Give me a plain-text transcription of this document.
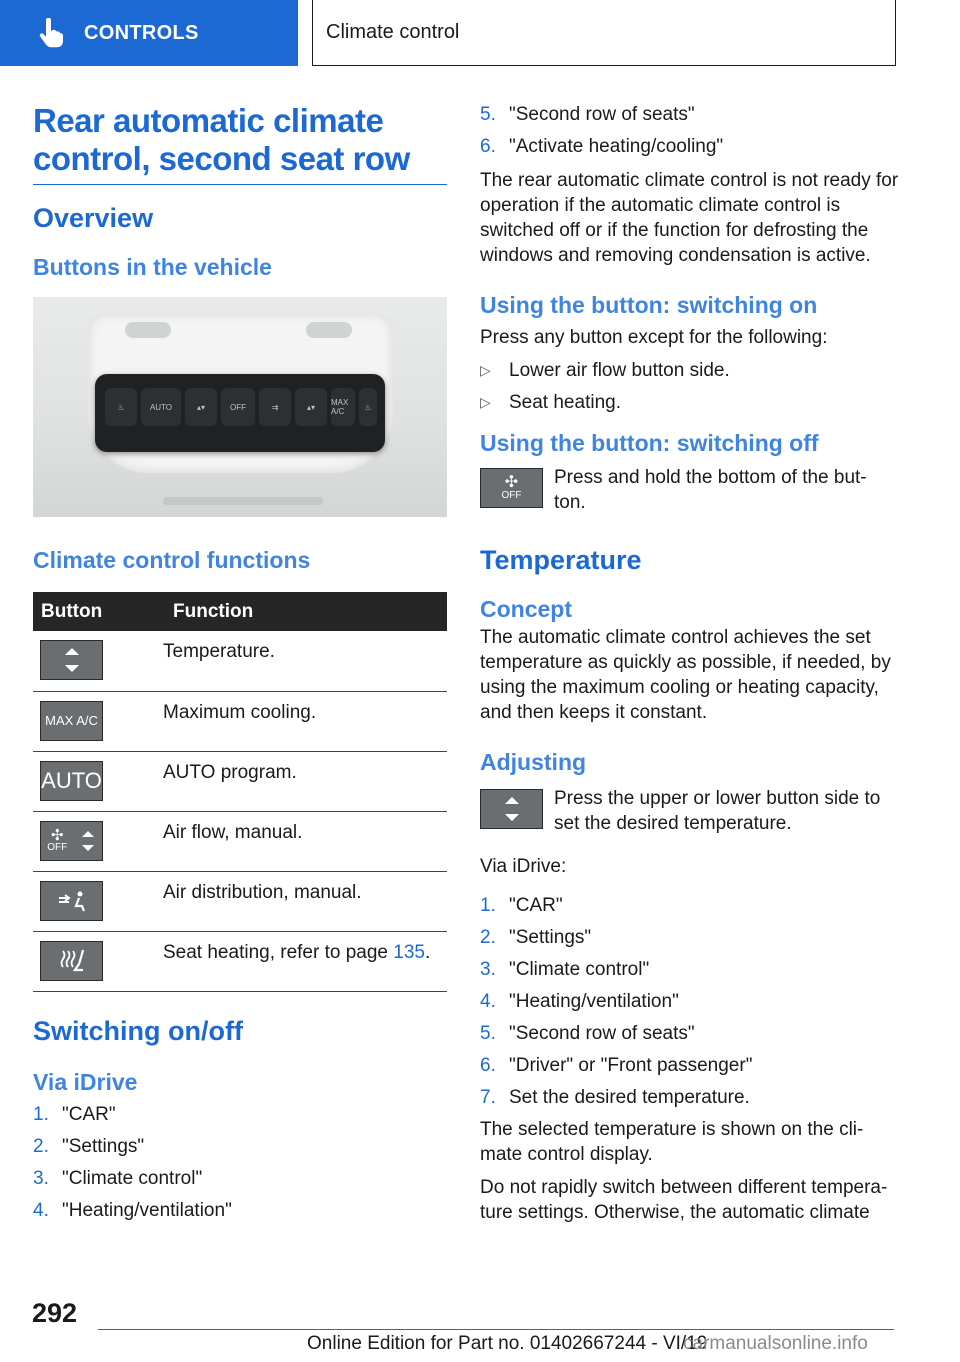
CONTROLS	Climate control
Rear automatic climate control, second seat row
Overview
Buttons in the vehicle
♨	AUTO	▴▾	OFF	⇉	▴▾	MAX A/C	♨
Climate control functions
Button	Function

	Temperature.

MAX A/C	Maximum cooling.

AUTO	AUTO program.

✣
OFF	Air flow, manual.

	Air distribution, manual.

	Seat heating, refer to page 135.
Switching on/off
Via iDrive
1. "CAR"
2. "Settings"
3. "Climate control"
4. "Heating/ventilation"
5. "Second row of seats"
6. "Activate heating/cooling"

The rear automatic climate control is not ready for operation if the automatic climate control is switched off or if the function for defrosting the windows and removing condensation is active.

Using the button: switching on

Press any button except for the following:

▷ Lower air flow button side.
▷ Seat heating.
Using the button: switching off
✣
OFF

Press and hold the bottom of the but-ton.

Temperature
Concept

The automatic climate control achieves the set temperature as quickly as possible, if needed, by using the maximum cooling or heating capacity, and then keeps it constant.

Adjusting

Press the upper or lower button side to set the desired temperature.

Via iDrive:

1. "CAR"
2. "Settings"
3. "Climate control"
4. "Heating/ventilation"
5. "Second row of seats"
6. "Driver" or "Front passenger"
7. Set the desired temperature.

The selected temperature is shown on the cli-mate control display.

Do not rapidly switch between different tempera-ture settings. Otherwise, the automatic climate

292
Online Edition for Part no. 01402667244 - VI/19
carmanualsonline.info
